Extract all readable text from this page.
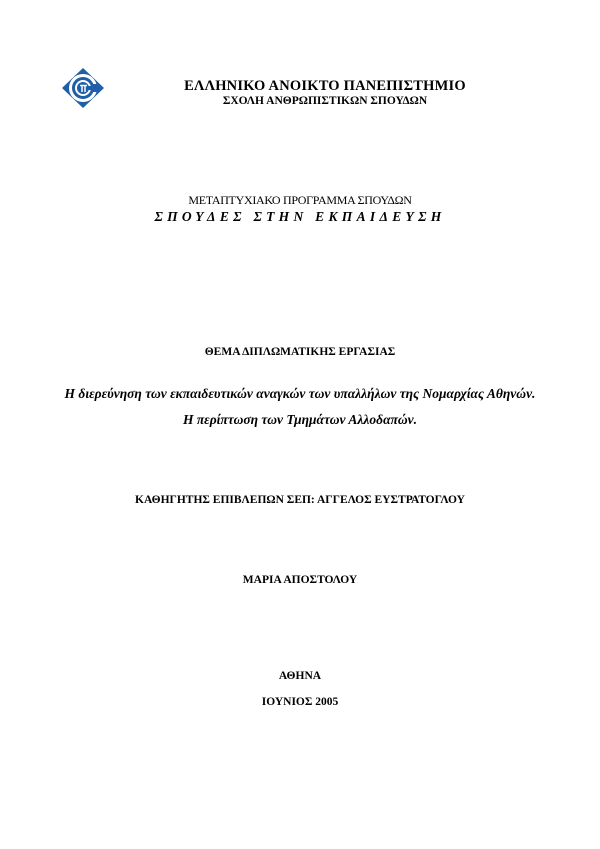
ΕΛΛΗΝΙΚΟ ΑΝΟΙΚΤΟ ΠΑΝΕΠΙΣΤΗΜΙΟ
ΣΧΟΛΗ ΑΝΘΡΩΠΙΣΤΙΚΩΝ ΣΠΟΥΔΩΝ
ΜΕΤΑΠΤΥΧΙΑΚΟ ΠΡΟΓΡΑΜΜΑ ΣΠΟΥΔΩΝ
ΣΠΟΥΔΕΣ ΣΤΗΝ ΕΚΠΑΙΔΕΥΣΗ
ΘΕΜΑ ΔΙΠΛΩΜΑΤΙΚΗΣ ΕΡΓΑΣΙΑΣ
Η διερεύνηση των εκπαιδευτικών αναγκών των υπαλλήλων της Νομαρχίας Αθηνών.
Η περίπτωση των Τμημάτων Αλλοδαπών.
ΚΑΘΗΓΗΤΗΣ ΕΠΙΒΛΕΠΩΝ ΣΕΠ: ΑΓΓΕΛΟΣ ΕΥΣΤΡΑΤΟΓΛΟΥ
ΜΑΡΙΑ ΑΠΟΣΤΟΛΟΥ
ΑΘΗΝΑ
ΙΟΥΝΙΟΣ 2005
